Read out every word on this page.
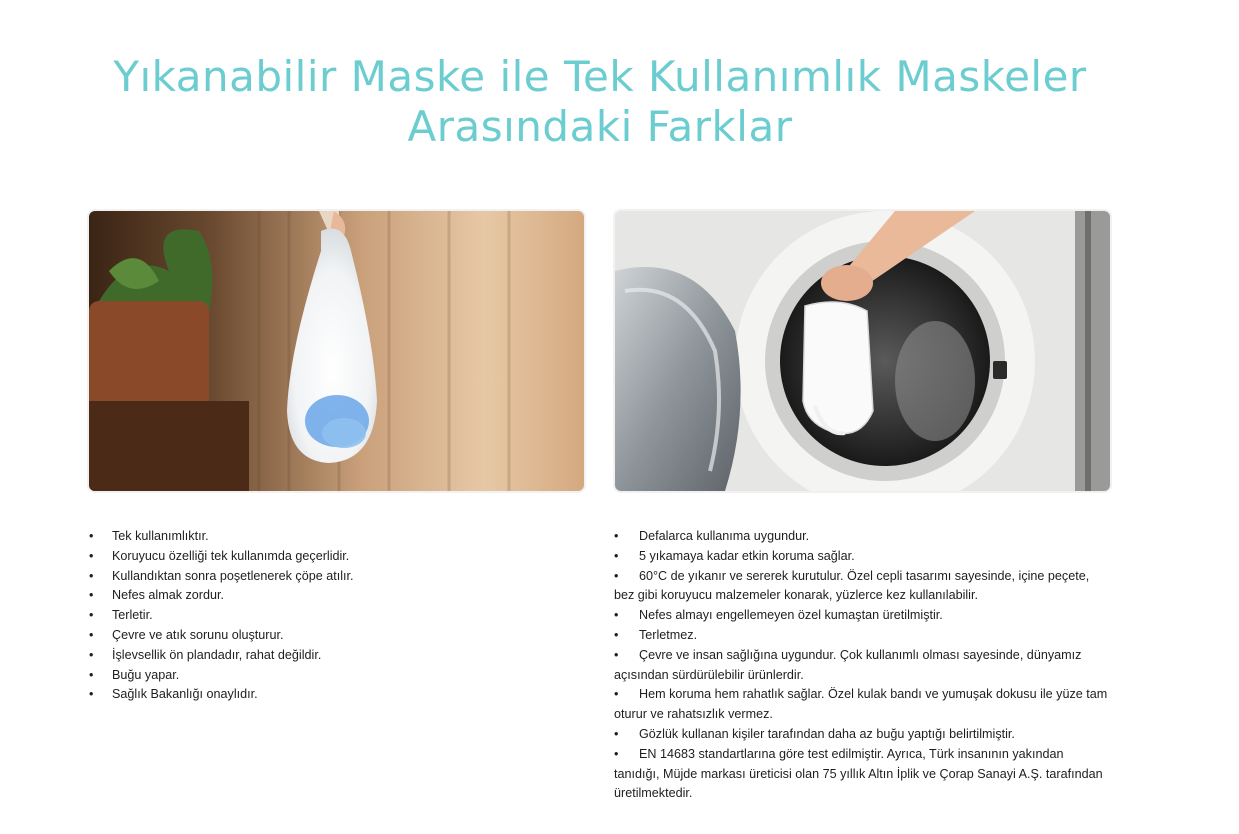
Yıkanabilir Maske ile Tek Kullanımlık Maskeler Arasındaki Farklar
• Tek kullanımlıktır.
• Koruyucu özelliği tek kullanımda geçerlidir.
• Kullandıktan sonra poşetlenerek çöpe atılır.
• Nefes almak zordur.
• Terletir.
• Çevre ve atık sorunu oluşturur.
• İşlevsellik ön plandadır, rahat değildir.
• Buğu yapar.
• Sağlık Bakanlığı onaylıdır.
• Defalarca kullanıma uygundur.
• 5 yıkamaya kadar etkin koruma sağlar.
• 60°C de yıkanır ve sererek kurutulur. Özel cepli tasarımı sayesinde, içine peçete, bez gibi koruyucu malzemeler konarak, yüzlerce kez kullanılabilir.
• Nefes almayı engellemeyen özel kumaştan üretilmiştir.
• Terletmez.
• Çevre ve insan sağlığına uygundur. Çok kullanımlı olması sayesinde, dünyamız açısından sürdürülebilir ürünlerdir.
• Hem koruma hem rahatlık sağlar. Özel kulak bandı ve yumuşak dokusu ile yüze tam oturur ve rahatsızlık vermez.
• Gözlük kullanan kişiler tarafından daha az buğu yaptığı belirtilmiştir.
• EN 14683 standartlarına göre test edilmiştir. Ayrıca, Türk insanının yakından tanıdığı, Müjde markası üreticisi olan 75 yıllık Altın İplik ve Çorap Sanayi A.Ş. tarafından üretilmektedir.
